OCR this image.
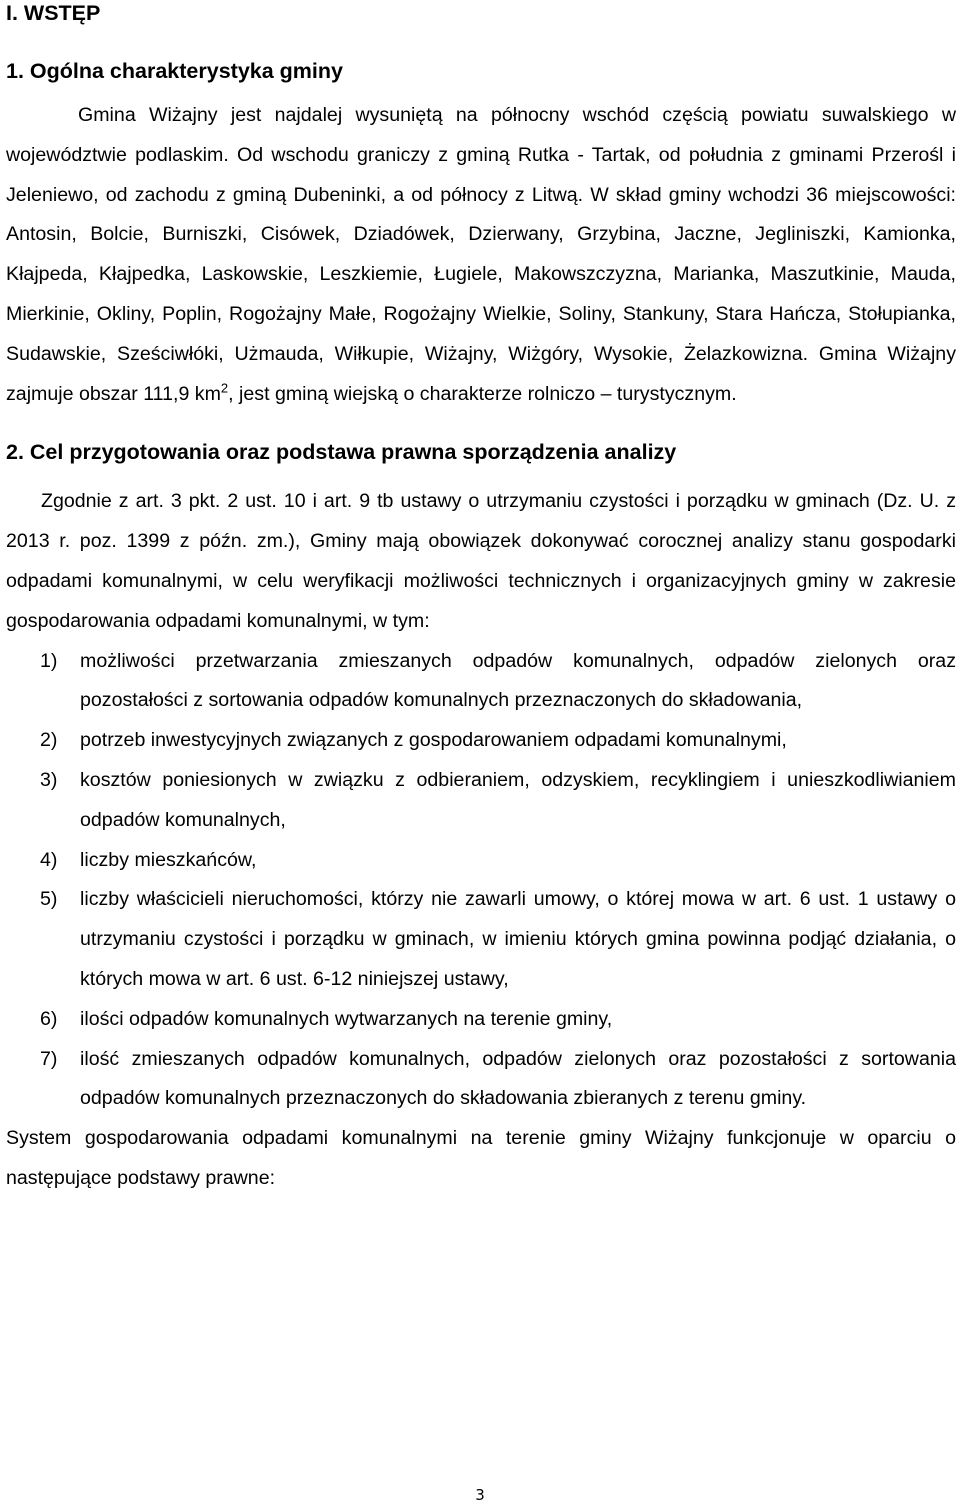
I. WSTĘP
1. Ogólna charakterystyka gminy

Gmina Wiżajny jest najdalej wysuniętą na północny wschód częścią powiatu suwalskiego w województwie podlaskim. Od wschodu graniczy z gminą Rutka - Tartak, od południa z gminami Przerośl i Jeleniewo, od zachodu z gminą Dubeninki, a od północy z Litwą. W skład gminy wchodzi 36 miejscowości: Antosin, Bolcie, Burniszki, Cisówek, Dziadówek, Dzierwany, Grzybina, Jaczne, Jegliniszki, Kamionka, Kłajpeda, Kłajpedka, Laskowskie, Leszkiemie, Ługiele, Makowszczyzna, Marianka, Maszutkinie, Mauda, Mierkinie, Okliny, Poplin, Rogożajny Małe, Rogożajny Wielkie, Soliny, Stankuny, Stara Hańcza, Stołupianka, Sudawskie, Sześciwłóki, Użmauda, Wiłkupie, Wiżajny, Wiżgóry, Wysokie, Żelazkowizna. Gmina Wiżajny zajmuje obszar 111,9 $km^2$, jest gminą wiejską o charakterze rolniczo – turystycznym.

2. Cel przygotowania oraz podstawa prawna sporządzenia analizy

Zgodnie z art. 3 pkt. 2 ust. 10 i art. 9 tb ustawy o utrzymaniu czystości i porządku w gminach (Dz. U. z 2013 r. poz. 1399 z późn. zm.), Gminy mają obowiązek dokonywać corocznej analizy stanu gospodarki odpadami komunalnymi, w celu weryfikacji możliwości technicznych i organizacyjnych gminy w zakresie gospodarowania odpadami komunalnymi, w tym:

1) możliwości przetwarzania zmieszanych odpadów komunalnych, odpadów zielonych oraz pozostałości z sortowania odpadów komunalnych przeznaczonych do składowania,
2) potrzeb inwestycyjnych związanych z gospodarowaniem odpadami komunalnymi,
3) kosztów poniesionych w związku z odbieraniem, odzyskiem, recyklingiem i unieszkodliwianiem odpadów komunalnych,
4) liczby mieszkańców,
5) liczby właścicieli nieruchomości, którzy nie zawarli umowy, o której mowa w art. 6 ust. 1 ustawy o utrzymaniu czystości i porządku w gminach, w imieniu których gmina powinna podjąć działania, o których mowa w art. 6 ust. 6-12 niniejszej ustawy,
6) ilości odpadów komunalnych wytwarzanych na terenie gminy,
7) ilość zmieszanych odpadów komunalnych, odpadów zielonych oraz pozostałości z sortowania odpadów komunalnych przeznaczonych do składowania zbieranych z terenu gminy.

System gospodarowania odpadami komunalnymi na terenie gminy Wiżajny funkcjonuje w oparciu o następujące podstawy prawne:

3
